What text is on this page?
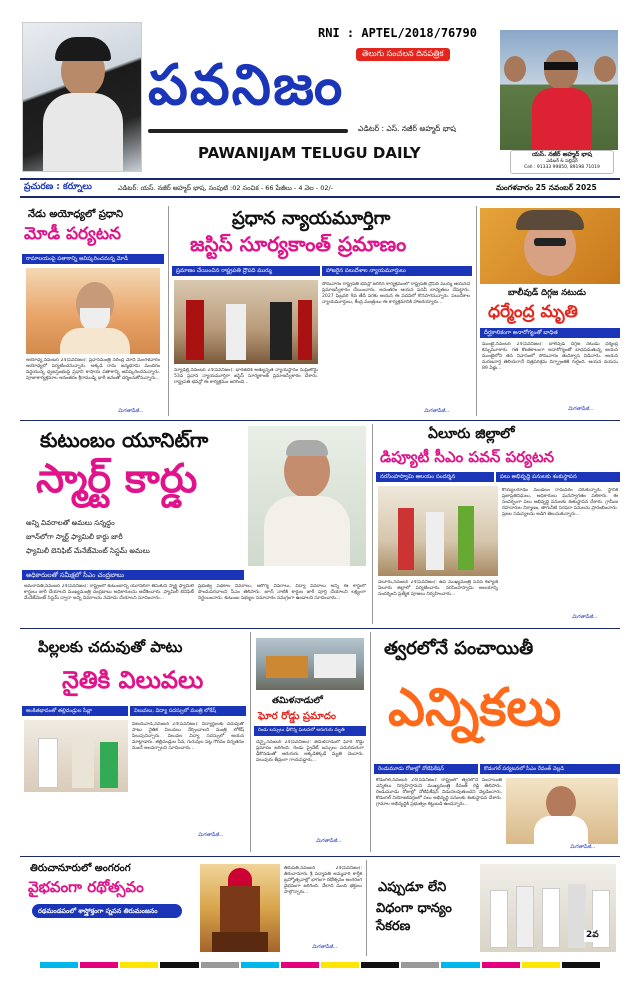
RNI : APTEL/2018/76790
తెలుగు సంచలన దినపత్రిక
పవనిజం
ఎడిటర్ : ఎస్. నజీర్ అహ్మద్ భాష
PAWANIJAM TELUGU DAILY	యస్. నజీర్ అహ్మద్ భాష
ఎడిటర్ & పబ్లిషర్
Cell : 91333 99850, 89198 71019
ప్రచురణ : కర్నూలు	ఎడిటర్: యస్. నజీర్ అహ్మద్ భాష, సంపుటి :02 సంచిక - 66 పేజీలు - 4 వెల - 02/-	మంగళవారం 25 నవంబర్ 2025
నేడు అయోధ్యలో ప్రధాని
మోడీ పర్యటన
రామాలయంపై పతాకాన్ని ఆవిష్కరించనున్న మోడీ
అయోధ్య,నవంబర్ 24(పవనిజం): ప్రధానమంత్రి నరేంద్ర మోదీ మంగళవారం అయోధ్యలో పర్యటించనున్నారు. అక్కడి రామ జన్మభూమి మందిరం వద్దయున్న ధ్వజస్తంభంపై ప్రధాని కాషాయ పతాకాన్ని ఆవిష్కరించనున్నారు. పూజాకార్యక్రమాల అనంతరం శ్రీరాముడ్ని భారీ జనంతో దర్శించుకోనున్నారు...
మిగతాపేజీ...
ప్రధాన న్యాయమూర్తిగా
జస్టిస్ సూర్యకాంత్ ప్రమాణం
ప్రమాణం చేయించిన రాష్ట్రపతి ద్రౌపది ముర్ము	హాజరైన పలుదేశాల న్యాయమూర్తులు
సోమవారం రాష్ట్రపతి భవన్లో జరిగిన కార్యక్రమంలో రాష్ట్రపతి ద్రౌపది ముర్ము ఆయనచే ప్రమాణస్వీకారం చేయించారు. అనంతరం ఆయన పదవీ బాధ్యతలు చేపట్టారు. 2027 ఫిబ్రవరి 9వ తేదీ వరకు ఆయన ఈ పదవిలో కొనసాగనున్నారు. పలుదేశాల న్యాయమూర్తులు, కేంద్ర మంత్రులు ఈ కార్యక్రమానికి హాజరయ్యారు...
న్యూఢిల్లీ,నవంబర్ 24(పవనిజం): భారతదేశ అత్యున్నత న్యాయస్థానం సుప్రీంకోర్టు 53వ ప్రధాన న్యాయమూర్తిగా జస్టిస్ సూర్యకాంత్ ప్రమాణస్వీకారం చేశారు. రాష్ట్రపతి భవన్లో ఈ కార్యక్రమం జరిగింది...
మిగతాపేజీ...
బాలీవుడ్ దిగ్గజ నటుడు
ధర్మేంద్ర మృతి
దీర్ఘకాలికంగా అనారోగ్యంతో బాధిత
ముంబై,నవంబర్ 24(పవనిజం): బాలీవుడ్ దిగ్గజ నటుడు ధర్మేంద్ర కన్నుమూశారు. గత కొంతకాలంగా అనారోగ్యంతో బాధపడుతున్న ఆయన ముంబైలోని తన నివాసంలో సోమవారం తుదిశ్వాస విడిచారు. ఆయన మరణవార్త తెలియగానే చిత్రపరిశ్రమ దిగ్భ్రాంతికి గురైంది. ఆయన వయసు 89 ఏళ్లు...
మిగతాపేజీ...
కుటుంబం యూనిట్‌గా
స్మార్ట్ కార్డు
అన్ని వివరాలతో అమలు సన్నద్ధం
జూన్‌లోగా స్మార్ట్ ఫ్యామిలీ కార్డు జారీ
ఫ్యామిలీ బెనిఫిట్ మేనేజ్‌మెంట్ సిస్టమ్ అమలు
అధికారులతో సమీక్షలో సీఎం చంద్రబాబు
అమరావతి,నవంబర్ 24(పవనిజం): రాష్ట్రంలో కుటుంబాన్ని యూనిట్‌గా తీసుకుని స్మార్ట్ ఫ్యామిలీ కార్డులు జారీ చేయాలని ముఖ్యమంత్రి చంద్రబాబు అధికారులను ఆదేశించారు. ఫ్యామిలీ బెనిఫిట్ మేనేజ్‌మెంట్ సిస్టమ్ ద్వారా అన్ని వివరాలను నమోదు చేయాలని సూచించారు...
ప్రభుత్వ పథకాల వివరాలు, ఆరోగ్య వివరాలు, విద్యా వివరాలు అన్నీ ఈ కార్డులో పొందుపరచాలని సీఎం తెలిపారు. జూన్ నాటికి కార్డుల జారీ పూర్తి చేయాలని లక్ష్యంగా నిర్ణయించారు. కుటుంబ సభ్యుల సమాచారం సమగ్రంగా ఉండాలని సూచించారు...
ఏలూరు జిల్లాలో
డిప్యూటీ సీఎం పవన్ పర్యటన
నరసింహస్వామి ఆలయం సందర్శన	పలు అభివృద్ధి పనులకు శంకుస్థాపన
కొయ్యలగూడెం మండలం రామవరం చేరుకున్నారు. స్థానిక ప్రజాప్రతినిధులు, అధికారులు ఘనస్వాగతం పలికారు. ఈ సందర్భంగా పలు అభివృద్ధి పనులకు శంకుస్థాపన చేశారు. గ్రామీణ రహదారుల నిర్మాణం, తాగునీటి సరఫరా పనులను ప్రారంభించారు. ప్రజల సమస్యలను అడిగి తెలుసుకున్నారు...
ఏలూరు,నవంబర్ 24(పవనిజం): ఉప ముఖ్యమంత్రి పవన్ కళ్యాణ్ ఏలూరు జిల్లాలో పర్యటించారు. నరసింహస్వామి ఆలయాన్ని సందర్శించి ప్రత్యేక పూజలు నిర్వహించారు...
మిగతాపేజీ...
పిల్లలకు చదువుతో పాటు
నైతికి విలువలు
అంకితభావంతో తల్లిదండ్రుల సేవ్లా	విలువలు, విద్యా సదస్సులో మంత్రి లోకేష్
విజయవాడ,నవంబర్ 24(పవనిజం): విద్యార్థులకు చదువుతో పాటు నైతిక విలువలు నేర్పించాలని మంత్రి లోకేష్ పిలుపునిచ్చారు. విలువల విద్యా సదస్సులో ఆయన మాట్లాడారు. తల్లిదండ్రుల సేవ, గురువుల పట్ల గౌరవం చిన్నతనం నుంచే అలవర్చాలని సూచించారు...
మిగతాపేజీ...
తమిళనాడులో
ఘోర రోడ్డు ప్రమాదం
రెండు బస్సులు ఢీకొన్న ఘటనలో ఆరుగురు మృతి
చెన్నై,నవంబర్ 24(పవనిజం): తమిళనాడులో ఘోర రోడ్డు ప్రమాదం జరిగింది. రెండు ప్రైవేట్ బస్సులు ఎదురెదురుగా ఢీకొనడంతో ఆరుగురు అక్కడికక్కడే మృతి చెందారు. పలువురు తీవ్రంగా గాయపడ్డారు...
మిగతాపేజీ...
త్వరలోనే పంచాయితీ
ఎన్నికలు
రెండుమూడు రోజుల్లో నోటిఫికేషన్	కొడంగల్ పర్యటనలో సీఎం రేవంత్ వెల్లడి
కొడంగల్,నవంబర్ 24(పవనిజం): రాష్ట్రంలో త్వరలోనే పంచాయితీ ఎన్నికలు నిర్వహిస్తామని ముఖ్యమంత్రి రేవంత్ రెడ్డి తెలిపారు. రెండుమూడు రోజుల్లో నోటిఫికేషన్ విడుదలవుతుందని వెల్లడించారు. కొడంగల్ నియోజకవర్గంలో పలు అభివృద్ధి పనులకు శంకుస్థాపన చేశారు. గ్రామాల అభివృద్ధికి ప్రభుత్వం కట్టుబడి ఉందన్నారు...
మిగతాపేజీ...
తిరుచానూరులో అంగరంగ
వైభవంగా రథోత్సవం
రథమండపంలో శాస్త్రోక్తంగా స్నపన తిరుమంజనం
తిరుపతి,నవంబర్ 24(పవనిజం): తిరుచానూరు శ్రీ పద్మావతి అమ్మవారి కార్తీక బ్రహ్మోత్సవాల్లో భాగంగా రథోత్సవం అంగరంగ వైభవంగా జరిగింది. వేలాది మంది భక్తులు పాల్గొన్నారు...
మిగతాపేజీ...
ఎప్పుడూ లేని
విధంగా ధాన్యం సేకరణ
2వ
